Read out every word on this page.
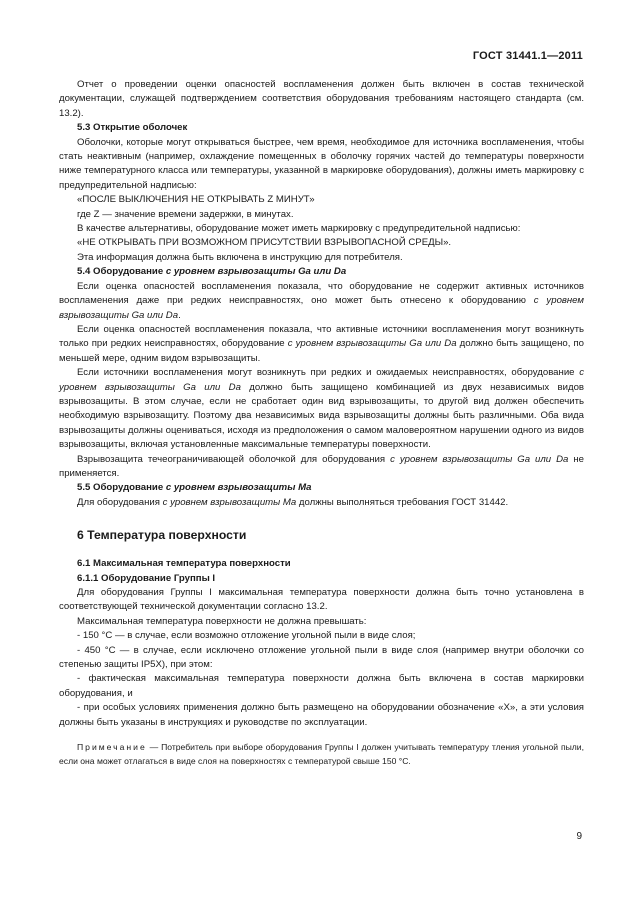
ГОСТ 31441.1—2011

Отчет о проведении оценки опасностей воспламенения должен быть включен в состав технической документации, служащей подтверждением соответствия оборудования требованиям настоящего стандарта (см. 13.2).

5.3 Открытие оболочек

Оболочки, которые могут открываться быстрее, чем время, необходимое для источника воспламенения, чтобы стать неактивным (например, охлаждение помещенных в оболочку горячих частей до температуры поверхности ниже температурного класса или температуры, указанной в маркировке оборудования), должны иметь маркировку с предупредительной надписью:

«ПОСЛЕ ВЫКЛЮЧЕНИЯ НЕ ОТКРЫВАТЬ Z МИНУТ»

где Z — значение времени задержки, в минутах.

В качестве альтернативы, оборудование может иметь маркировку с предупредительной надписью:

«НЕ ОТКРЫВАТЬ ПРИ ВОЗМОЖНОМ ПРИСУТСТВИИ ВЗРЫВОПАСНОЙ СРЕДЫ».

Эта информация должна быть включена в инструкцию для потребителя.

5.4 Оборудование с уровнем взрывозащиты Ga или Da

Если оценка опасностей воспламенения показала, что оборудование не содержит активных источников воспламенения даже при редких неисправностях, оно может быть отнесено к оборудованию с уровнем взрывозащиты Ga или Da.

Если оценка опасностей воспламенения показала, что активные источники воспламенения могут возникнуть только при редких неисправностях, оборудование с уровнем взрывозащиты Ga или Da должно быть защищено, по меньшей мере, одним видом взрывозащиты.

Если источники воспламенения могут возникнуть при редких и ожидаемых неисправностях, оборудование с уровнем взрывозащиты Ga или Da должно быть защищено комбинацией из двух независимых видов взрывозащиты. В этом случае, если не сработает один вид взрывозащиты, то другой вид должен обеспечить необходимую взрывозащиту. Поэтому два независимых вида взрывозащиты должны быть различными. Оба вида взрывозащиты должны оцениваться, исходя из предположения о самом маловероятном нарушении одного из видов взрывозащиты, включая установленные максимальные температуры поверхности.

Взрывозащита течеограничивающей оболочкой для оборудования с уровнем взрывозащиты Ga или Da не применяется.

5.5 Оборудование с уровнем взрывозащиты Ma

Для оборудования с уровнем взрывозащиты Ma должны выполняться требования ГОСТ 31442.

6 Температура поверхности

6.1 Максимальная температура поверхности

6.1.1 Оборудование Группы I

Для оборудования Группы I максимальная температура поверхности должна быть точно установлена в соответствующей технической документации согласно 13.2.

Максимальная температура поверхности не должна превышать:

- 150 °С — в случае, если возможно отложение угольной пыли в виде слоя;

- 450 °С — в случае, если исключено отложение угольной пыли в виде слоя (например внутри оболочки со степенью защиты IP5X), при этом:

- фактическая максимальная температура поверхности должна быть включена в состав маркировки оборудования, и

- при особых условиях применения должно быть размещено на оборудовании обозначение «X», а эти условия должны быть указаны в инструкциях и руководстве по эксплуатации.

Примечание — Потребитель при выборе оборудования Группы I должен учитывать температуру тления угольной пыли, если она может отлагаться в виде слоя на поверхностях с температурой свыше 150 °С.

9
